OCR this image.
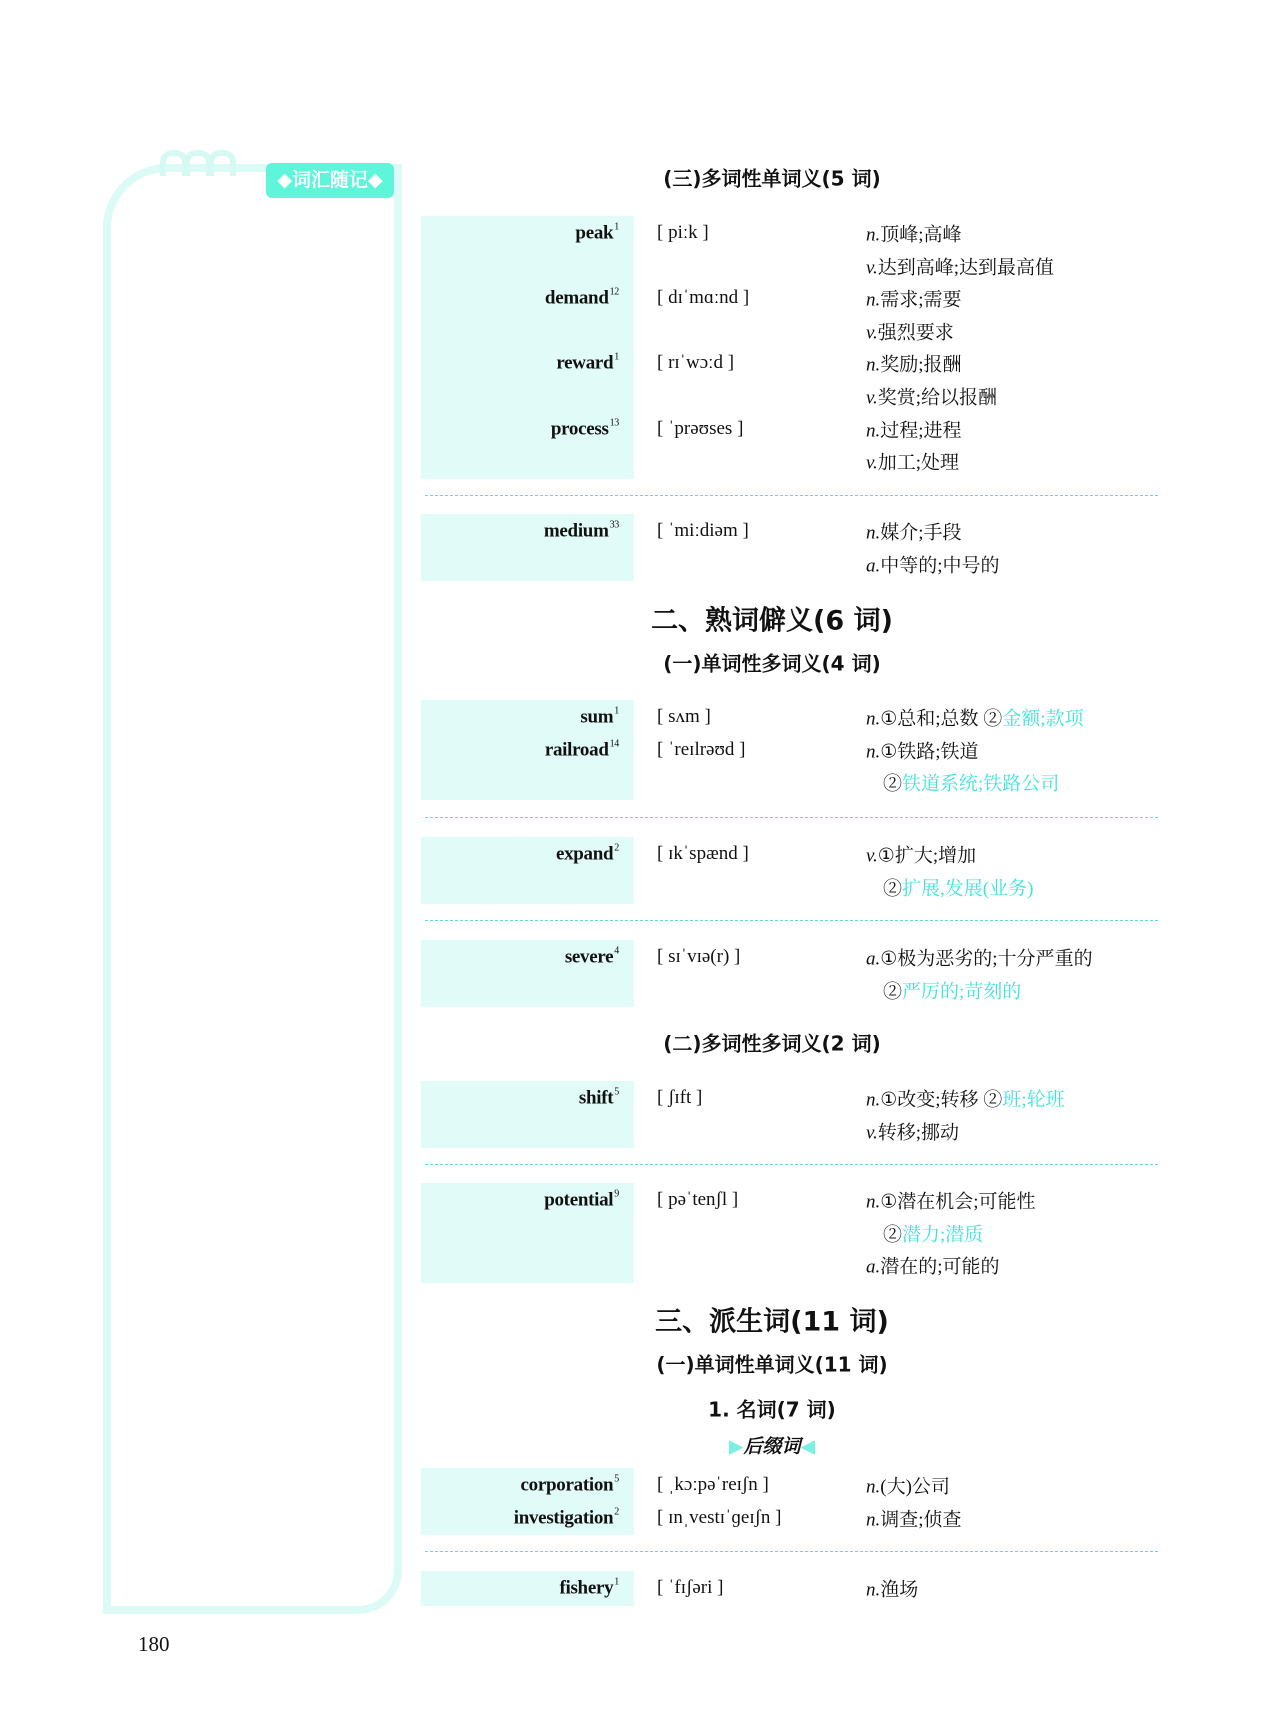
◆词汇随记◆
180
(三)多词性单词义(5 词)
peak$^1$ [ piːk ]	n.顶峰;高峰
v.达到高峰;达到最高值
demand$^{12}$ [ dɪˈmɑːnd ]	n.需求;需要
v.强烈要求
reward$^1$ [ rɪˈwɔːd ]	n.奖励;报酬
v.奖赏;给以报酬
process$^{13}$ [ ˈprəʊses ]	n.过程;进程
v.加工;处理
medium$^{33}$ [ ˈmiːdiəm ]	n.媒介;手段
a.中等的;中号的
二、熟词僻义(6 词)
(一)单词性多词义(4 词)
sum$^1$ [ sʌm ]	n.①总和;总数 ②金额;款项
railroad$^{14}$ [ ˈreɪlrəʊd ]	n.①铁路;铁道
②铁道系统;铁路公司
expand$^2$ [ ɪkˈspænd ]	v.①扩大;增加
②扩展,发展(业务)
severe$^4$ [ sɪˈvɪə(r) ]	a.①极为恶劣的;十分严重的
②严厉的;苛刻的
(二)多词性多词义(2 词)
shift$^5$ [ ʃɪft ]	n.①改变;转移 ②班;轮班
v.转移;挪动
potential$^9$ [ pəˈtenʃl ]	n.①潜在机会;可能性
②潜力;潜质
a.潜在的;可能的
三、派生词(11 词)
(一)单词性单词义(11 词)
1. 名词(7 词)
▶后缀词◀
corporation$^5$ [ ˌkɔːpəˈreɪʃn ]	n.(大)公司
investigation$^2$ [ ɪnˌvestɪˈɡeɪʃn ]	n.调查;侦查
fishery$^1$ [ ˈfɪʃəri ]	n.渔场
